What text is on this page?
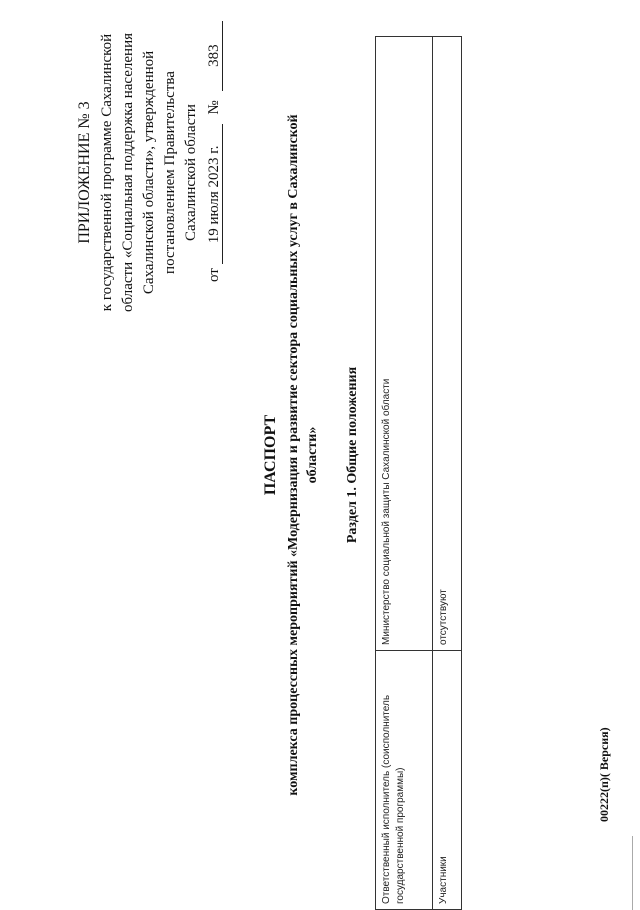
ПРИЛОЖЕНИЕ № 3 к государственной программе Сахалинской области «Социальная поддержка населения Сахалинской области», утвержденной постановлением Правительства Сахалинской области
от 19 июля 2023 г. № 383
ПАСПОРТ комплекса процессных мероприятий «Модернизация и развитие сектора социальных услуг в Сахалинской области» Раздел 1. Общие положения
Ответственный исполнитель (соисполнитель государственной программы)	Министерство социальной защиты Сахалинской области
Участники	отсутствуют
00222(п)( Версия)
